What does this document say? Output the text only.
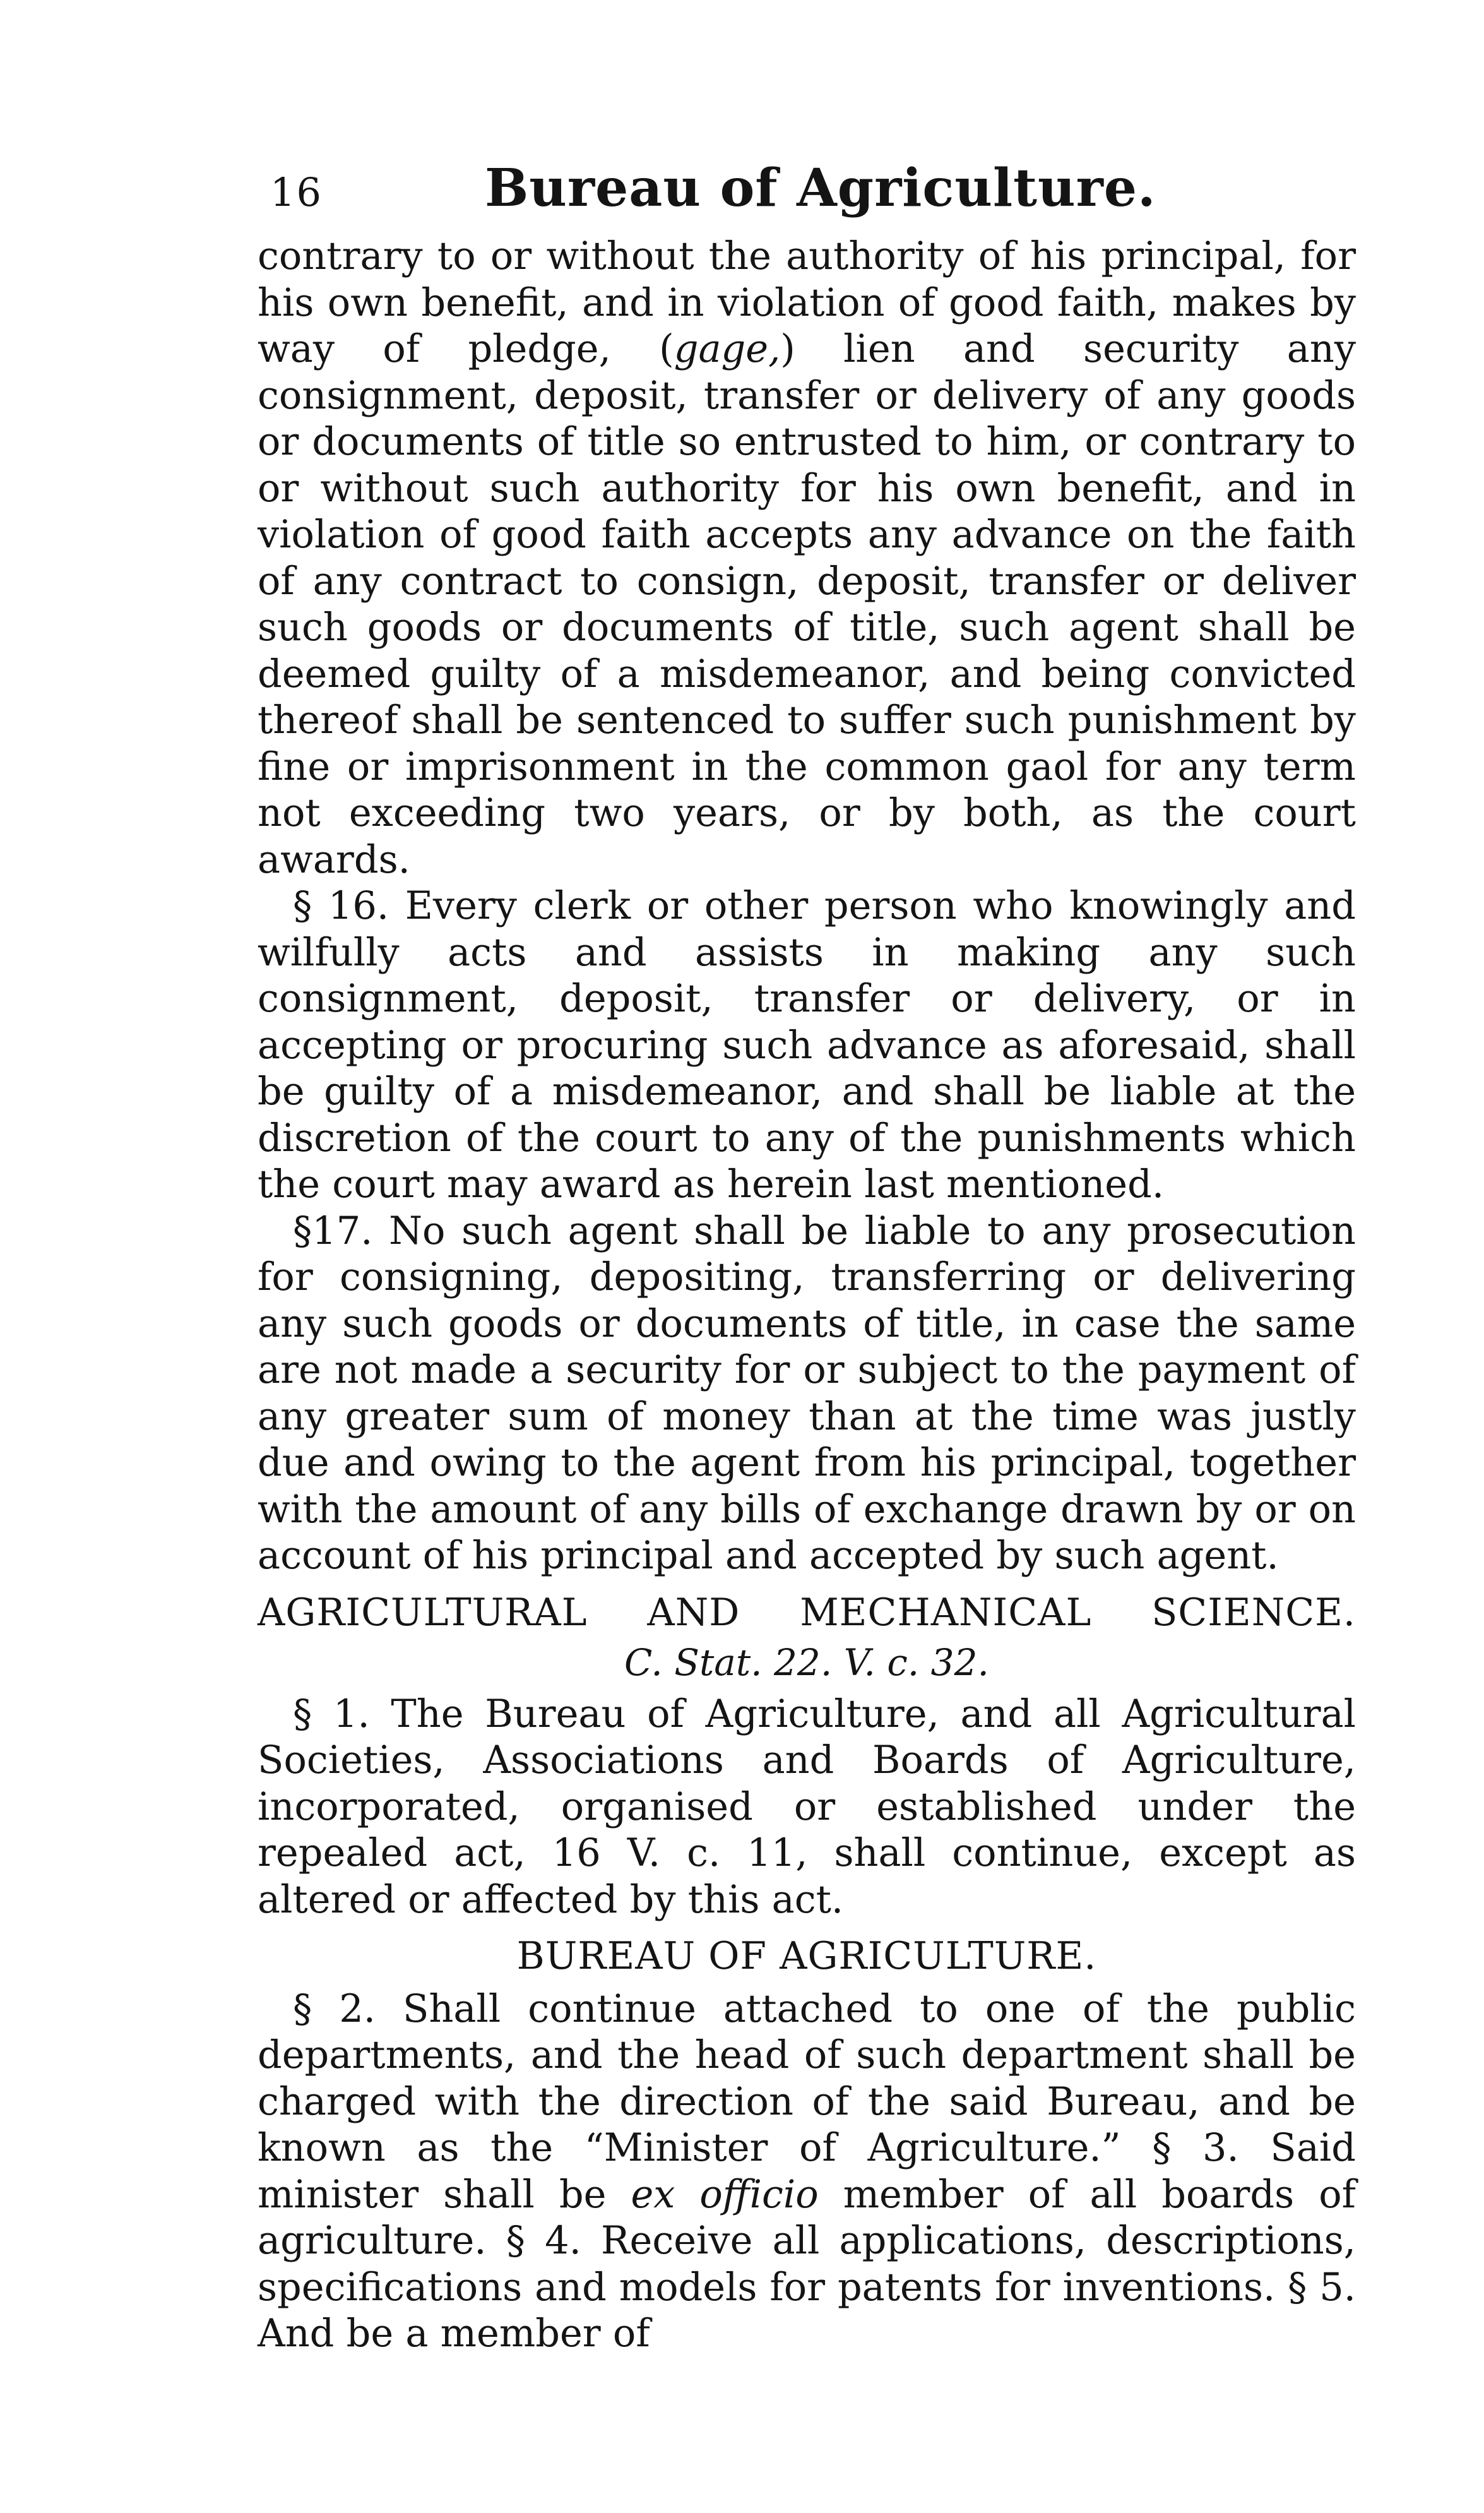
16	Bureau of Agriculture.

contrary to or without the authority of his principal, for his own benefit, and in violation of good faith, makes by way of pledge, (gage,) lien and security any consignment, deposit, transfer or delivery of any goods or documents of title so entrusted to him, or contrary to or without such authority for his own benefit, and in violation of good faith accepts any advance on the faith of any contract to consign, deposit, transfer or deliver such goods or documents of title, such agent shall be deemed guilty of a misdemeanor, and being convicted thereof shall be sentenced to suffer such punishment by fine or imprisonment in the common gaol for any term not exceeding two years, or by both, as the court awards.

§ 16. Every clerk or other person who knowingly and wilfully acts and assists in making any such consignment, deposit, transfer or delivery, or in accepting or procuring such advance as aforesaid, shall be guilty of a misdemeanor, and shall be liable at the discretion of the court to any of the punishments which the court may award as herein last mentioned.

§17. No such agent shall be liable to any prosecution for consigning, depositing, transferring or delivering any such goods or documents of title, in case the same are not made a security for or subject to the payment of any greater sum of money than at the time was justly due and owing to the agent from his principal, together with the amount of any bills of exchange drawn by or on account of his principal and accepted by such agent.

AGRICULTURAL AND MECHANICAL SCIENCE.

C. Stat. 22. V. c. 32.

§ 1. The Bureau of Agriculture, and all Agricultural Societies, Associations and Boards of Agriculture, incorporated, organised or established under the repealed act, 16 V. c. 11, shall continue, except as altered or affected by this act.

BUREAU OF AGRICULTURE.

§ 2. Shall continue attached to one of the public departments, and the head of such department shall be charged with the direction of the said Bureau, and be known as the “Minister of Agriculture.” § 3. Said minister shall be ex officio member of all boards of agriculture. § 4. Receive all applications, descriptions, specifications and models for patents for inventions. § 5. And be a member of
